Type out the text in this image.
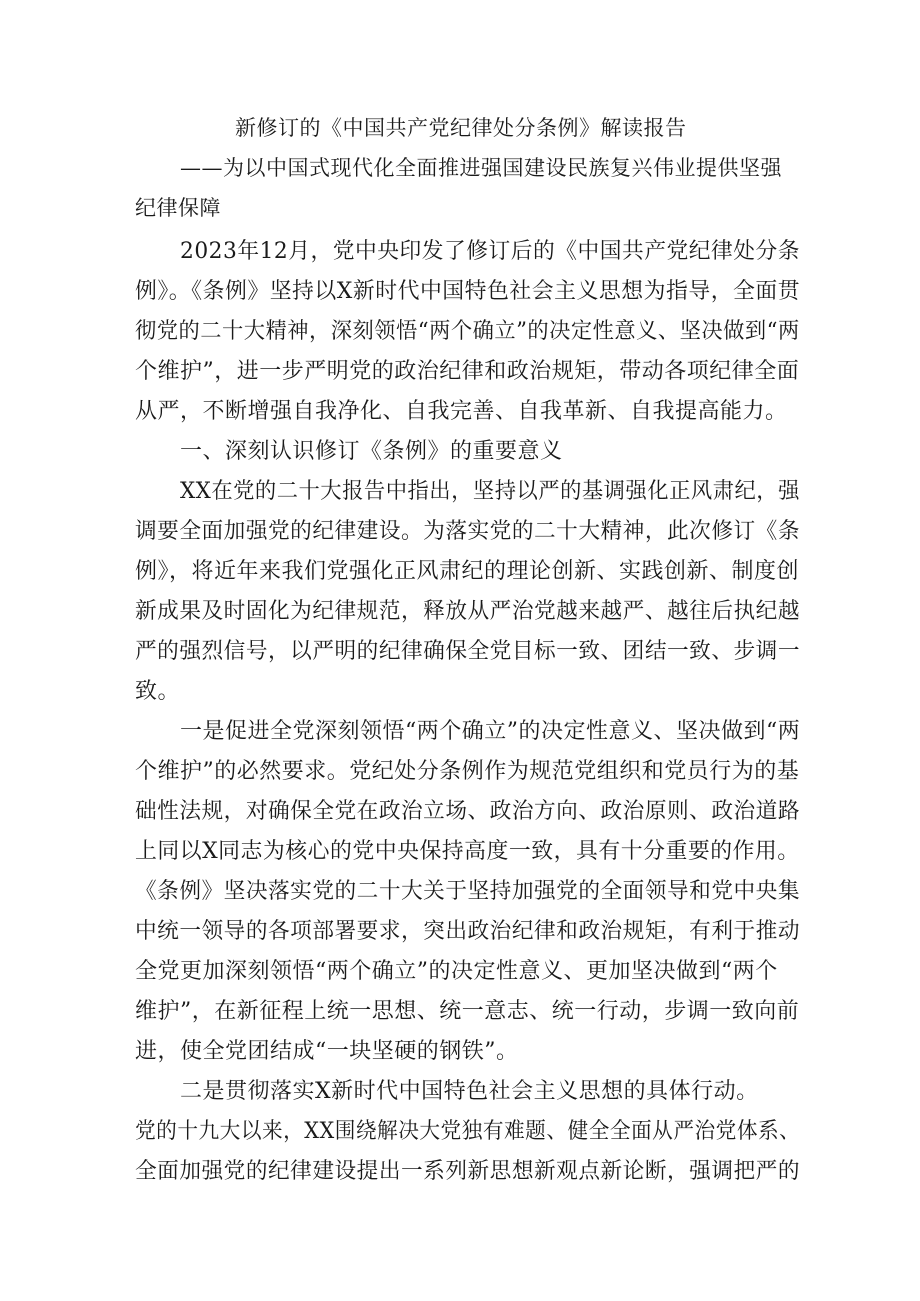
新修订的《中国共产党纪律处分条例》解读报告
——为以中国式现代化全面推进强国建设民族复兴伟业提供坚强
纪律保障
2023年12月，党中央印发了修订后的《中国共产党纪律处分条
例》。《条例》坚持以X新时代中国特色社会主义思想为指导，全面贯
彻党的二十大精神，深刻领悟“两个确立”的决定性意义、坚决做到“两
个维护”，进一步严明党的政治纪律和政治规矩，带动各项纪律全面
从严，不断增强自我净化、自我完善、自我革新、自我提高能力。
一、深刻认识修订《条例》的重要意义
XX在党的二十大报告中指出，坚持以严的基调强化正风肃纪，强
调要全面加强党的纪律建设。为落实党的二十大精神，此次修订《条
例》，将近年来我们党强化正风肃纪的理论创新、实践创新、制度创
新成果及时固化为纪律规范，释放从严治党越来越严、越往后执纪越
严的强烈信号，以严明的纪律确保全党目标一致、团结一致、步调一
致。
一是促进全党深刻领悟“两个确立”的决定性意义、坚决做到“两
个维护”的必然要求。党纪处分条例作为规范党组织和党员行为的基
础性法规，对确保全党在政治立场、政治方向、政治原则、政治道路
上同以X同志为核心的党中央保持高度一致，具有十分重要的作用。
《条例》坚决落实党的二十大关于坚持加强党的全面领导和党中央集
中统一领导的各项部署要求，突出政治纪律和政治规矩，有利于推动
全党更加深刻领悟“两个确立”的决定性意义、更加坚决做到“两个
维护”，在新征程上统一思想、统一意志、统一行动，步调一致向前
进，使全党团结成“一块坚硬的钢铁”。
二是贯彻落实X新时代中国特色社会主义思想的具体行动。
党的十九大以来，XX围绕解决大党独有难题、健全全面从严治党体系、
全面加强党的纪律建设提出一系列新思想新观点新论断，强调把严的
